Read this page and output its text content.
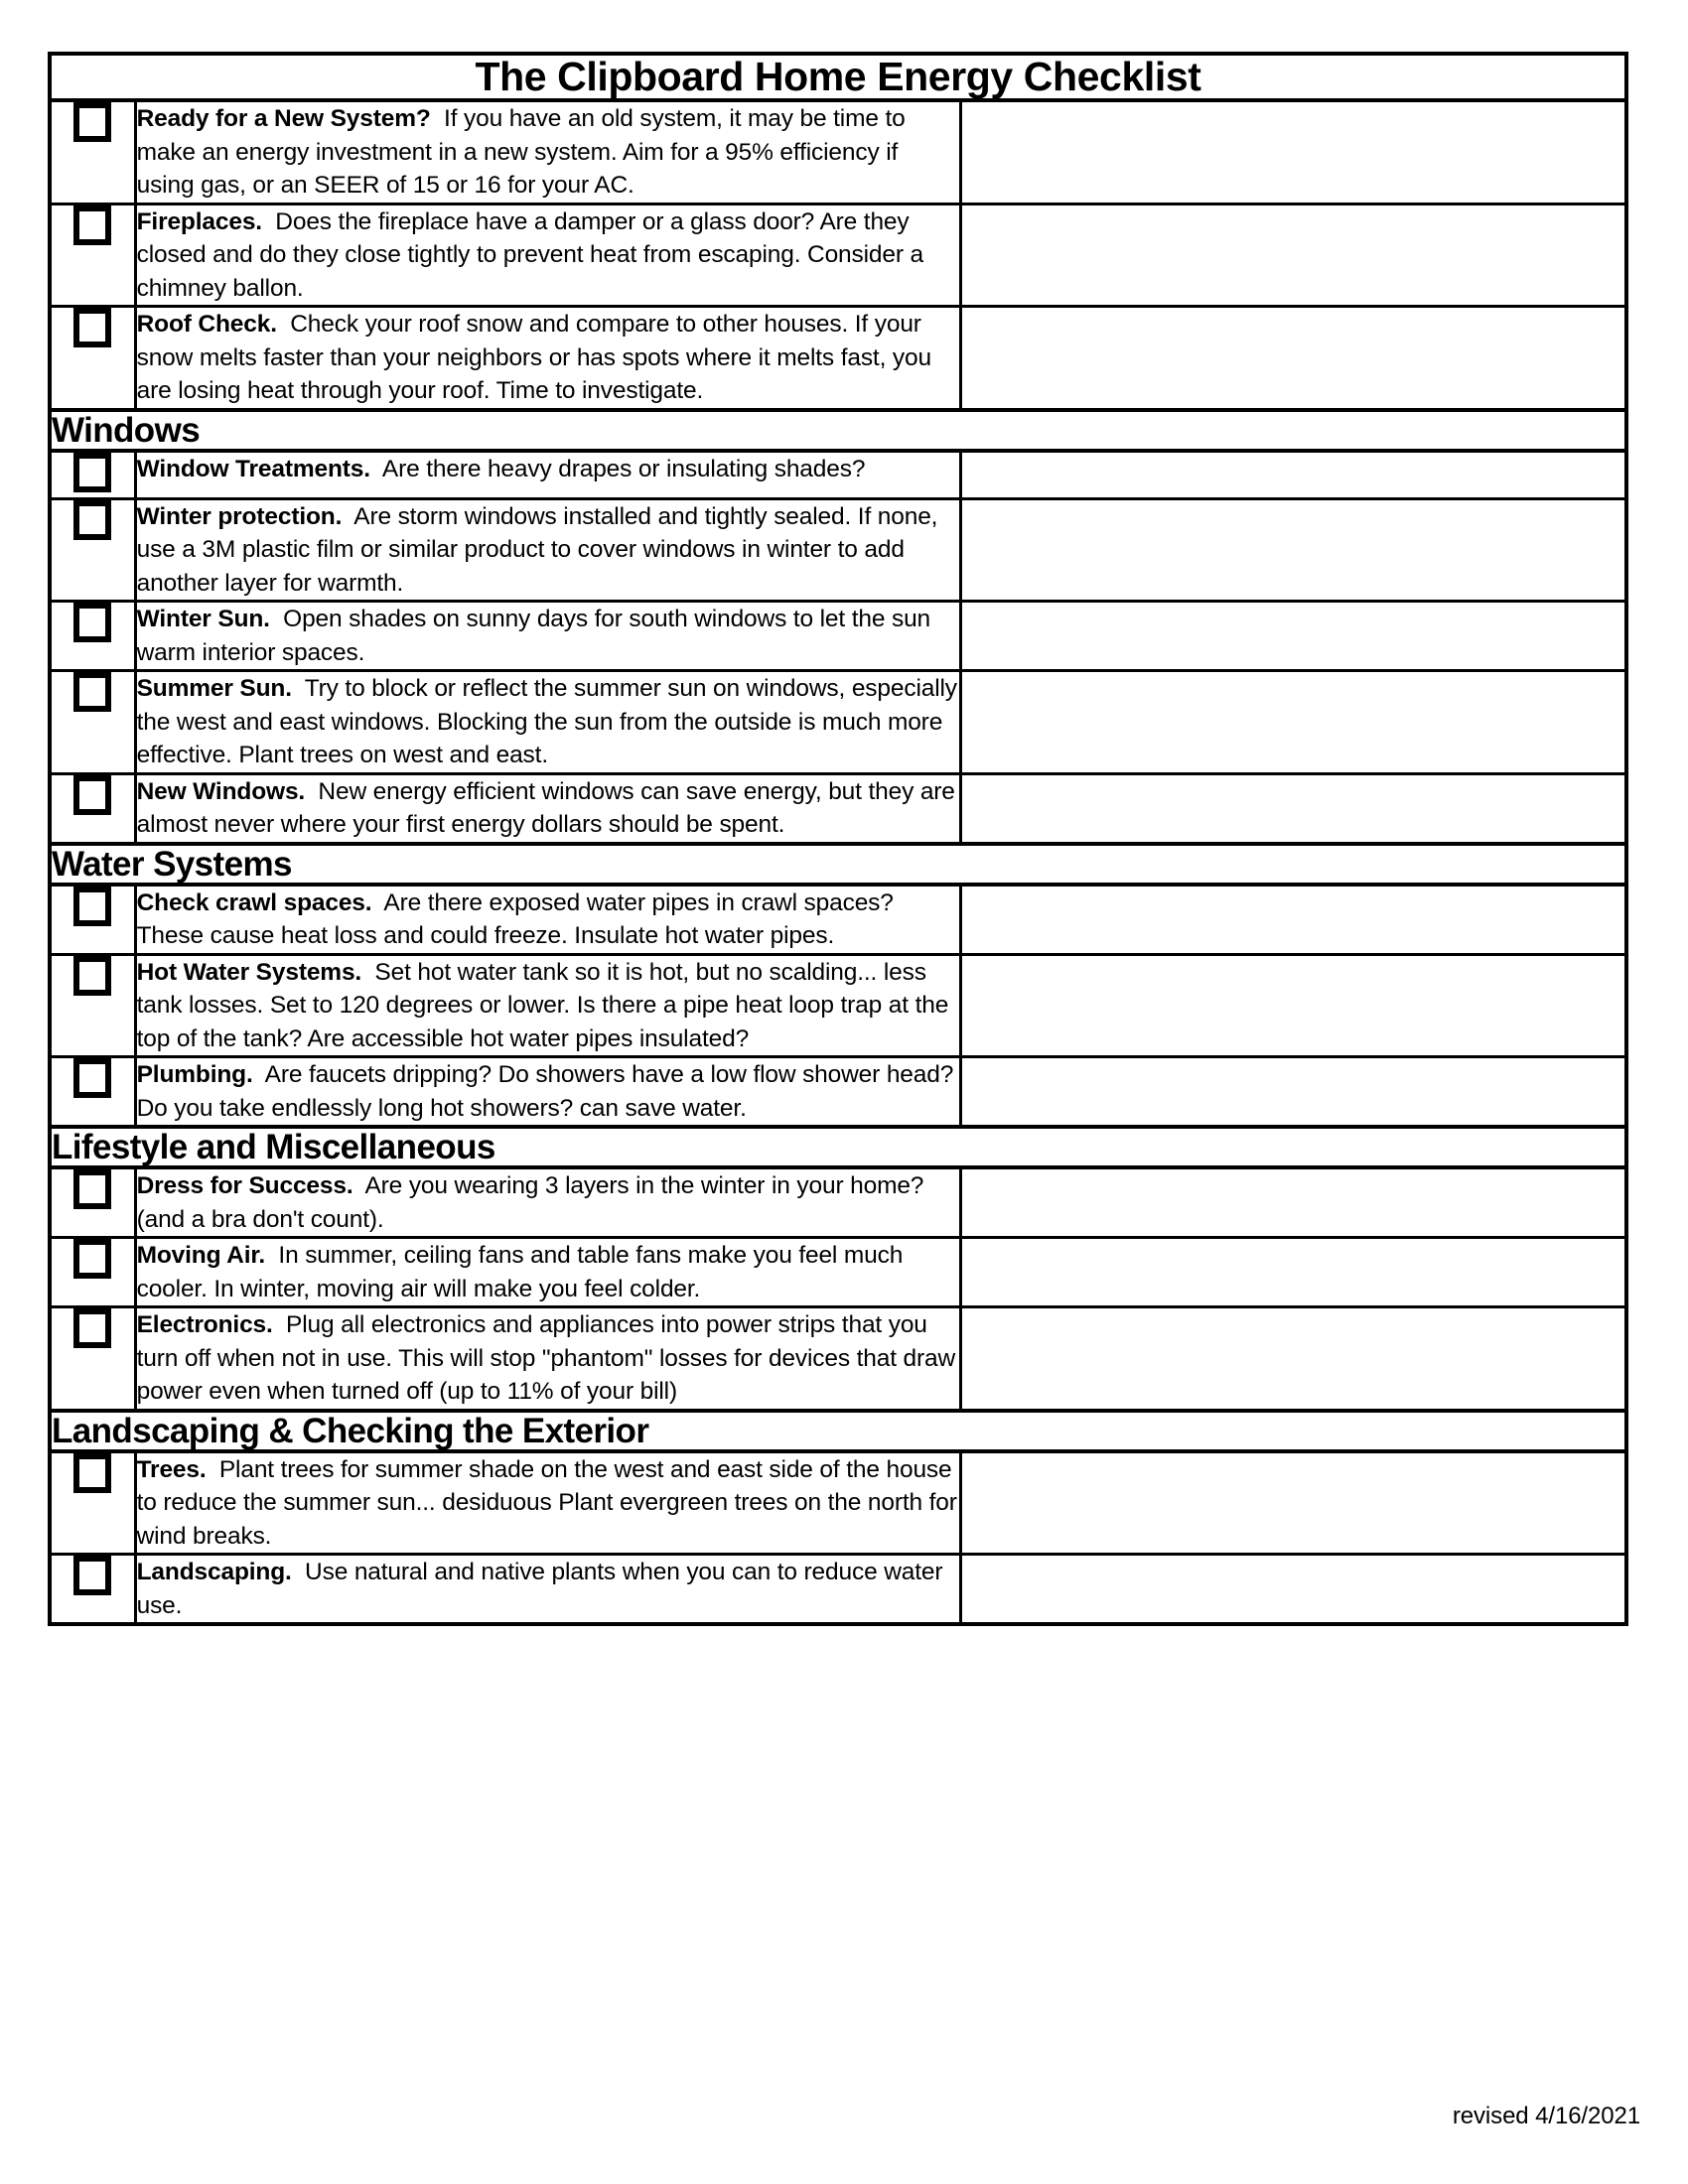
The Clipboard Home Energy Checklist		

	Ready for a New System? If you have an old system, it may be time to make an energy investment in a new system. Aim for a 95% efficiency if using gas, or an SEER of 15 or 16 for your AC.	

	Fireplaces. Does the fireplace have a damper or a glass door? Are they closed and do they close tightly to prevent heat from escaping. Consider a chimney ballon.	

	Roof Check. Check your roof snow and compare to other houses. If your snow melts faster than your neighbors or has spots where it melts fast, you are losing heat through your roof. Time to investigate.	

Windows		

	Window Treatments. Are there heavy drapes or insulating shades?	

	Winter protection. Are storm windows installed and tightly sealed. If none, use a 3M plastic film or similar product to cover windows in winter to add another layer for warmth.	

	Winter Sun. Open shades on sunny days for south windows to let the sun warm interior spaces.	

	Summer Sun. Try to block or reflect the summer sun on windows, especially the west and east windows. Blocking the sun from the outside is much more effective. Plant trees on west and east.	

	New Windows. New energy efficient windows can save energy, but they are almost never where your first energy dollars should be spent.	

Water Systems		

	Check crawl spaces. Are there exposed water pipes in crawl spaces? These cause heat loss and could freeze. Insulate hot water pipes.	

	Hot Water Systems. Set hot water tank so it is hot, but no scalding... less tank losses. Set to 120 degrees or lower. Is there a pipe heat loop trap at the top of the tank? Are accessible hot water pipes insulated?	

	Plumbing. Are faucets dripping? Do showers have a low flow shower head? Do you take endlessly long hot showers? can save water.	

Lifestyle and Miscellaneous		

	Dress for Success. Are you wearing 3 layers in the winter in your home? (and a bra don't count).	

	Moving Air. In summer, ceiling fans and table fans make you feel much cooler. In winter, moving air will make you feel colder.	

	Electronics. Plug all electronics and appliances into power strips that you turn off when not in use. This will stop "phantom" losses for devices that draw power even when turned off (up to 11% of your bill)	

Landscaping & Checking the Exterior		

	Trees. Plant trees for summer shade on the west and east side of the house to reduce the summer sun... desiduous Plant evergreen trees on the north for wind breaks.	

	Landscaping. Use natural and native plants when you can to reduce water use.	

revised 4/16/2021
